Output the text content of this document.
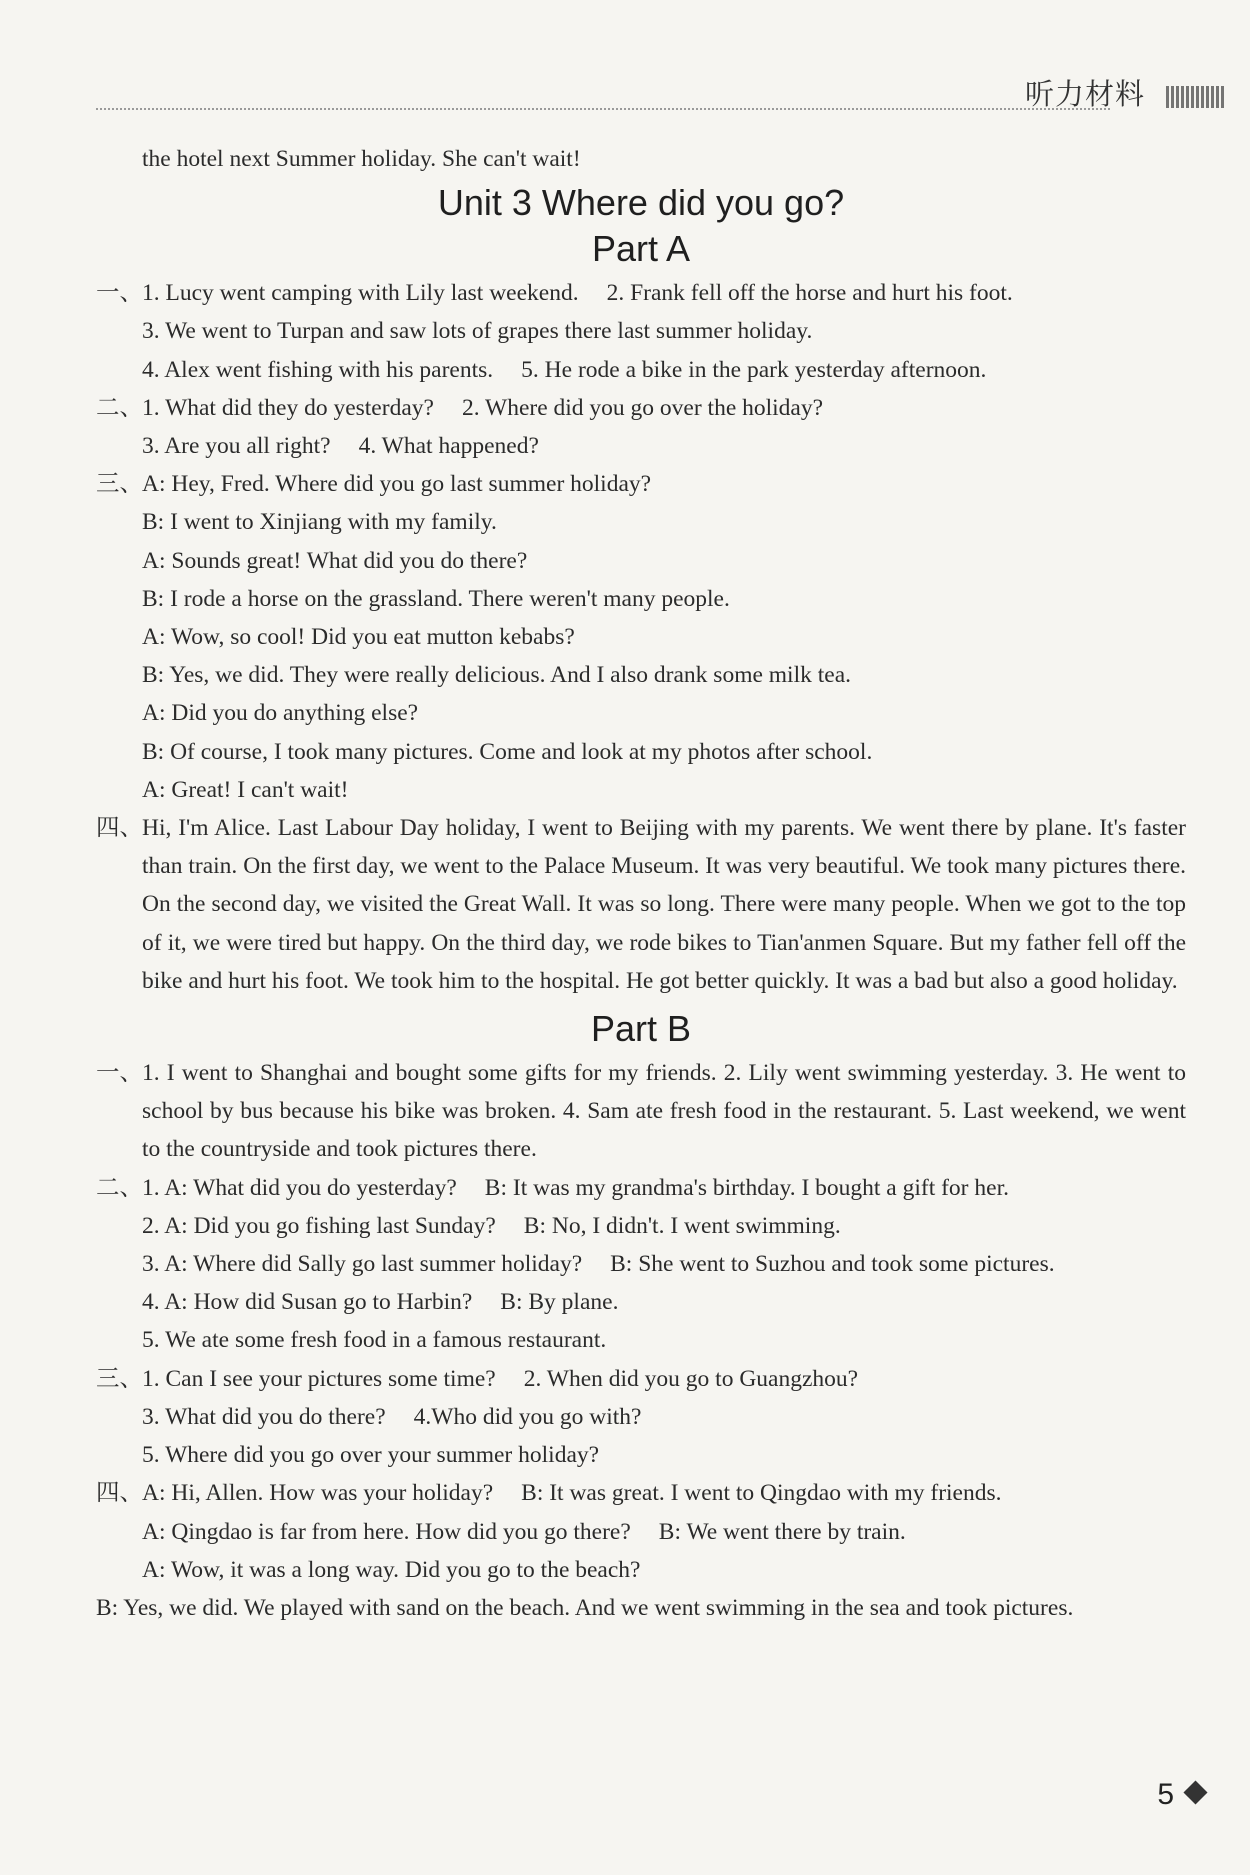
听力材料
the hotel next Summer holiday. She can't wait!
Unit 3 Where did you go?
Part A
一、1. Lucy went camping with Lily last weekend. 2. Frank fell off the horse and hurt his foot.
3. We went to Turpan and saw lots of grapes there last summer holiday.
4. Alex went fishing with his parents. 5. He rode a bike in the park yesterday afternoon.
二、1. What did they do yesterday? 2. Where did you go over the holiday?
3. Are you all right? 4. What happened?
三、A: Hey, Fred. Where did you go last summer holiday?
B: I went to Xinjiang with my family.
A: Sounds great! What did you do there?
B: I rode a horse on the grassland. There weren't many people.
A: Wow, so cool! Did you eat mutton kebabs?
B: Yes, we did. They were really delicious. And I also drank some milk tea.
A: Did you do anything else?
B: Of course, I took many pictures. Come and look at my photos after school.
A: Great! I can't wait!
四、Hi, I'm Alice. Last Labour Day holiday, I went to Beijing with my parents. We went there by plane. It's faster than train. On the first day, we went to the Palace Museum. It was very beautiful. We took many pictures there. On the second day, we visited the Great Wall. It was so long. There were many people. When we got to the top of it, we were tired but happy. On the third day, we rode bikes to Tian'anmen Square. But my father fell off the bike and hurt his foot. We took him to the hospital. He got better quickly. It was a bad but also a good holiday.
Part B
一、1. I went to Shanghai and bought some gifts for my friends. 2. Lily went swimming yesterday. 3. He went to school by bus because his bike was broken. 4. Sam ate fresh food in the restaurant. 5. Last weekend, we went to the countryside and took pictures there.
二、1. A: What did you do yesterday? B: It was my grandma's birthday. I bought a gift for her.
2. A: Did you go fishing last Sunday? B: No, I didn't. I went swimming.
3. A: Where did Sally go last summer holiday? B: She went to Suzhou and took some pictures.
4. A: How did Susan go to Harbin? B: By plane.
5. We ate some fresh food in a famous restaurant.
三、1. Can I see your pictures some time? 2. When did you go to Guangzhou?
3. What did you do there? 4.Who did you go with?
5. Where did you go over your summer holiday?
四、A: Hi, Allen. How was your holiday? B: It was great. I went to Qingdao with my friends.
A: Qingdao is far from here. How did you go there? B: We went there by train.
A: Wow, it was a long way. Did you go to the beach?
B: Yes, we did. We played with sand on the beach. And we went swimming in the sea and took pictures.
5
